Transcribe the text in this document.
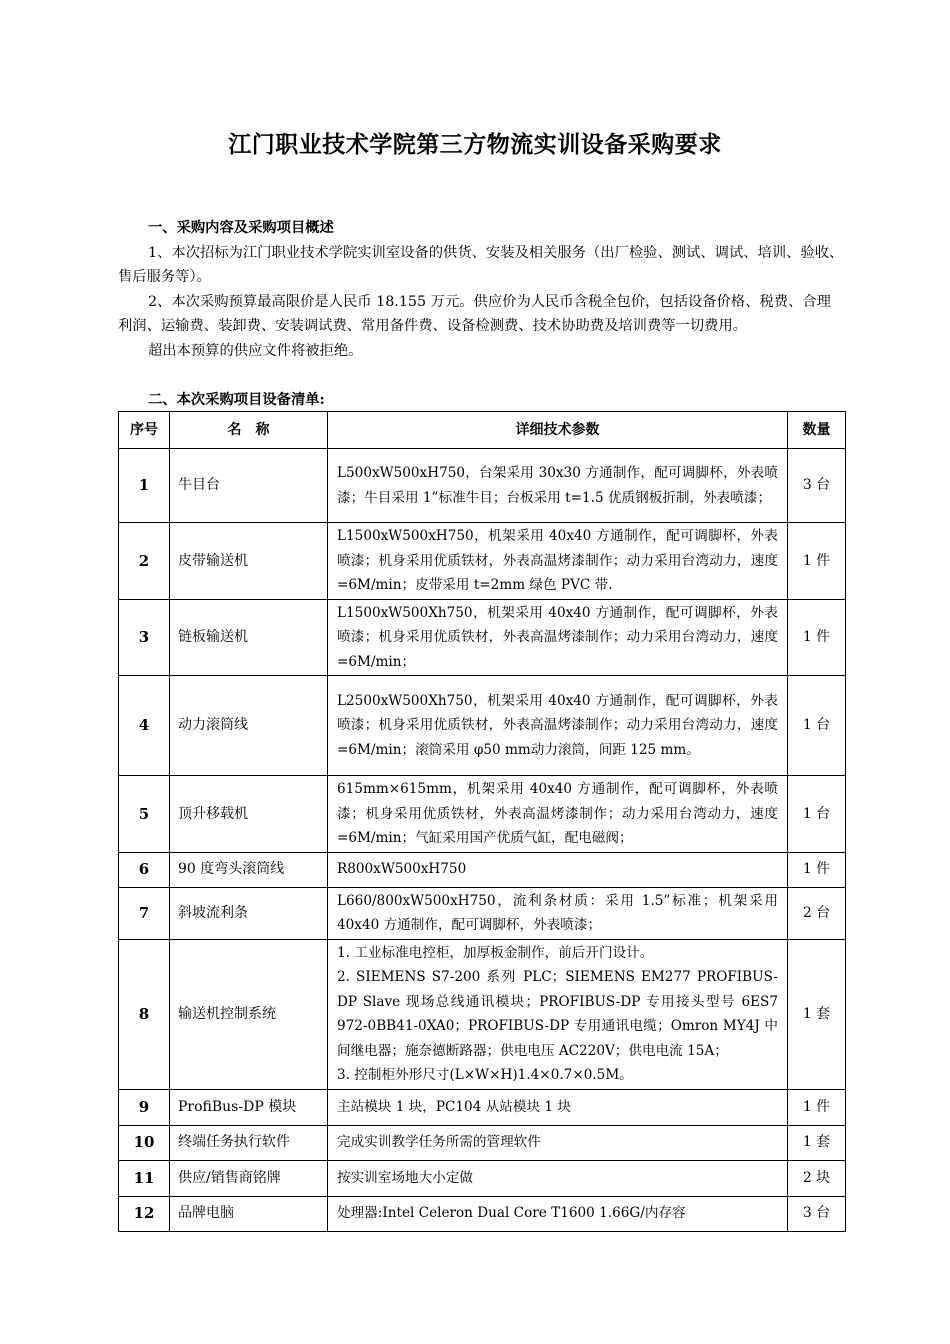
江门职业技术学院第三方物流实训设备采购要求
一、采购内容及采购项目概述
1、本次招标为江门职业技术学院实训室设备的供货、安装及相关服务（出厂检验、测试、调试、培训、验收、售后服务等）。
2、本次采购预算最高限价是人民币 18.155 万元。供应价为人民币含税全包价，包括设备价格、税费、合理利润、运输费、装卸费、安装调试费、常用备件费、设备检测费、技术协助费及培训费等一切费用。
超出本预算的供应文件将被拒绝。
二、本次采购项目设备清单:
序号	名　称	详细技术参数	数量
1	牛目台	L500xW500xH750，台架采用 30x30 方通制作，配可调脚杯，外表喷漆；牛目采用 1”标准牛目；台板采用 t=1.5 优质钢板折制，外表喷漆；	3 台
2	皮带输送机	L1500xW500xH750，机架采用 40x40 方通制作，配可调脚杯，外表喷漆；机身采用优质铁材，外表高温烤漆制作；动力采用台湾动力，速度=6M/min；皮带采用 t=2mm 绿色 PVC 带.	1 件
3	链板输送机	L1500xW500Xh750，机架采用 40x40 方通制作，配可调脚杯，外表喷漆；机身采用优质铁材，外表高温烤漆制作；动力采用台湾动力，速度=6M/min；	1 件
4	动力滚筒线	L2500xW500Xh750，机架采用 40x40 方通制作，配可调脚杯，外表喷漆；机身采用优质铁材，外表高温烤漆制作；动力采用台湾动力，速度=6M/min；滚筒采用 φ50 mm动力滚筒，间距 125 mm。	1 台
5	顶升移载机	615mm×615mm，机架采用 40x40 方通制作，配可调脚杯，外表喷漆；机身采用优质铁材，外表高温烤漆制作；动力采用台湾动力，速度=6M/min；气缸采用国产优质气缸，配电磁阀；	1 台
6	90 度弯头滚筒线	R800xW500xH750	1 件
7	斜坡流利条	L660/800xW500xH750，流利条材质：采用 1.5”标准；机架采用 40x40 方通制作，配可调脚杯，外表喷漆；	2 台
8	输送机控制系统	1. 工业标准电控柜，加厚板金制作，前后开门设计。
2. SIEMENS S7-200 系列 PLC；SIEMENS EM277 PROFIBUS-DP Slave 现场总线通讯模块；PROFIBUS-DP 专用接头型号 6ES7 972-0BB41-0XA0；PROFIBUS-DP 专用通讯电缆；Omron MY4J 中间继电器；施奈德断路器；供电电压 AC220V；供电电流 15A；
3. 控制柜外形尺寸(L×W×H)1.4×0.7×0.5M。	1 套
9	ProfiBus-DP 模块	主站模块 1 块，PC104 从站模块 1 块	1 件
10	终端任务执行软件	完成实训教学任务所需的管理软件	1 套
11	供应/销售商铭牌	按实训室场地大小定做	2 块
12	品牌电脑	处理器:Intel Celeron Dual Core T1600 1.66G/内存容	3 台
